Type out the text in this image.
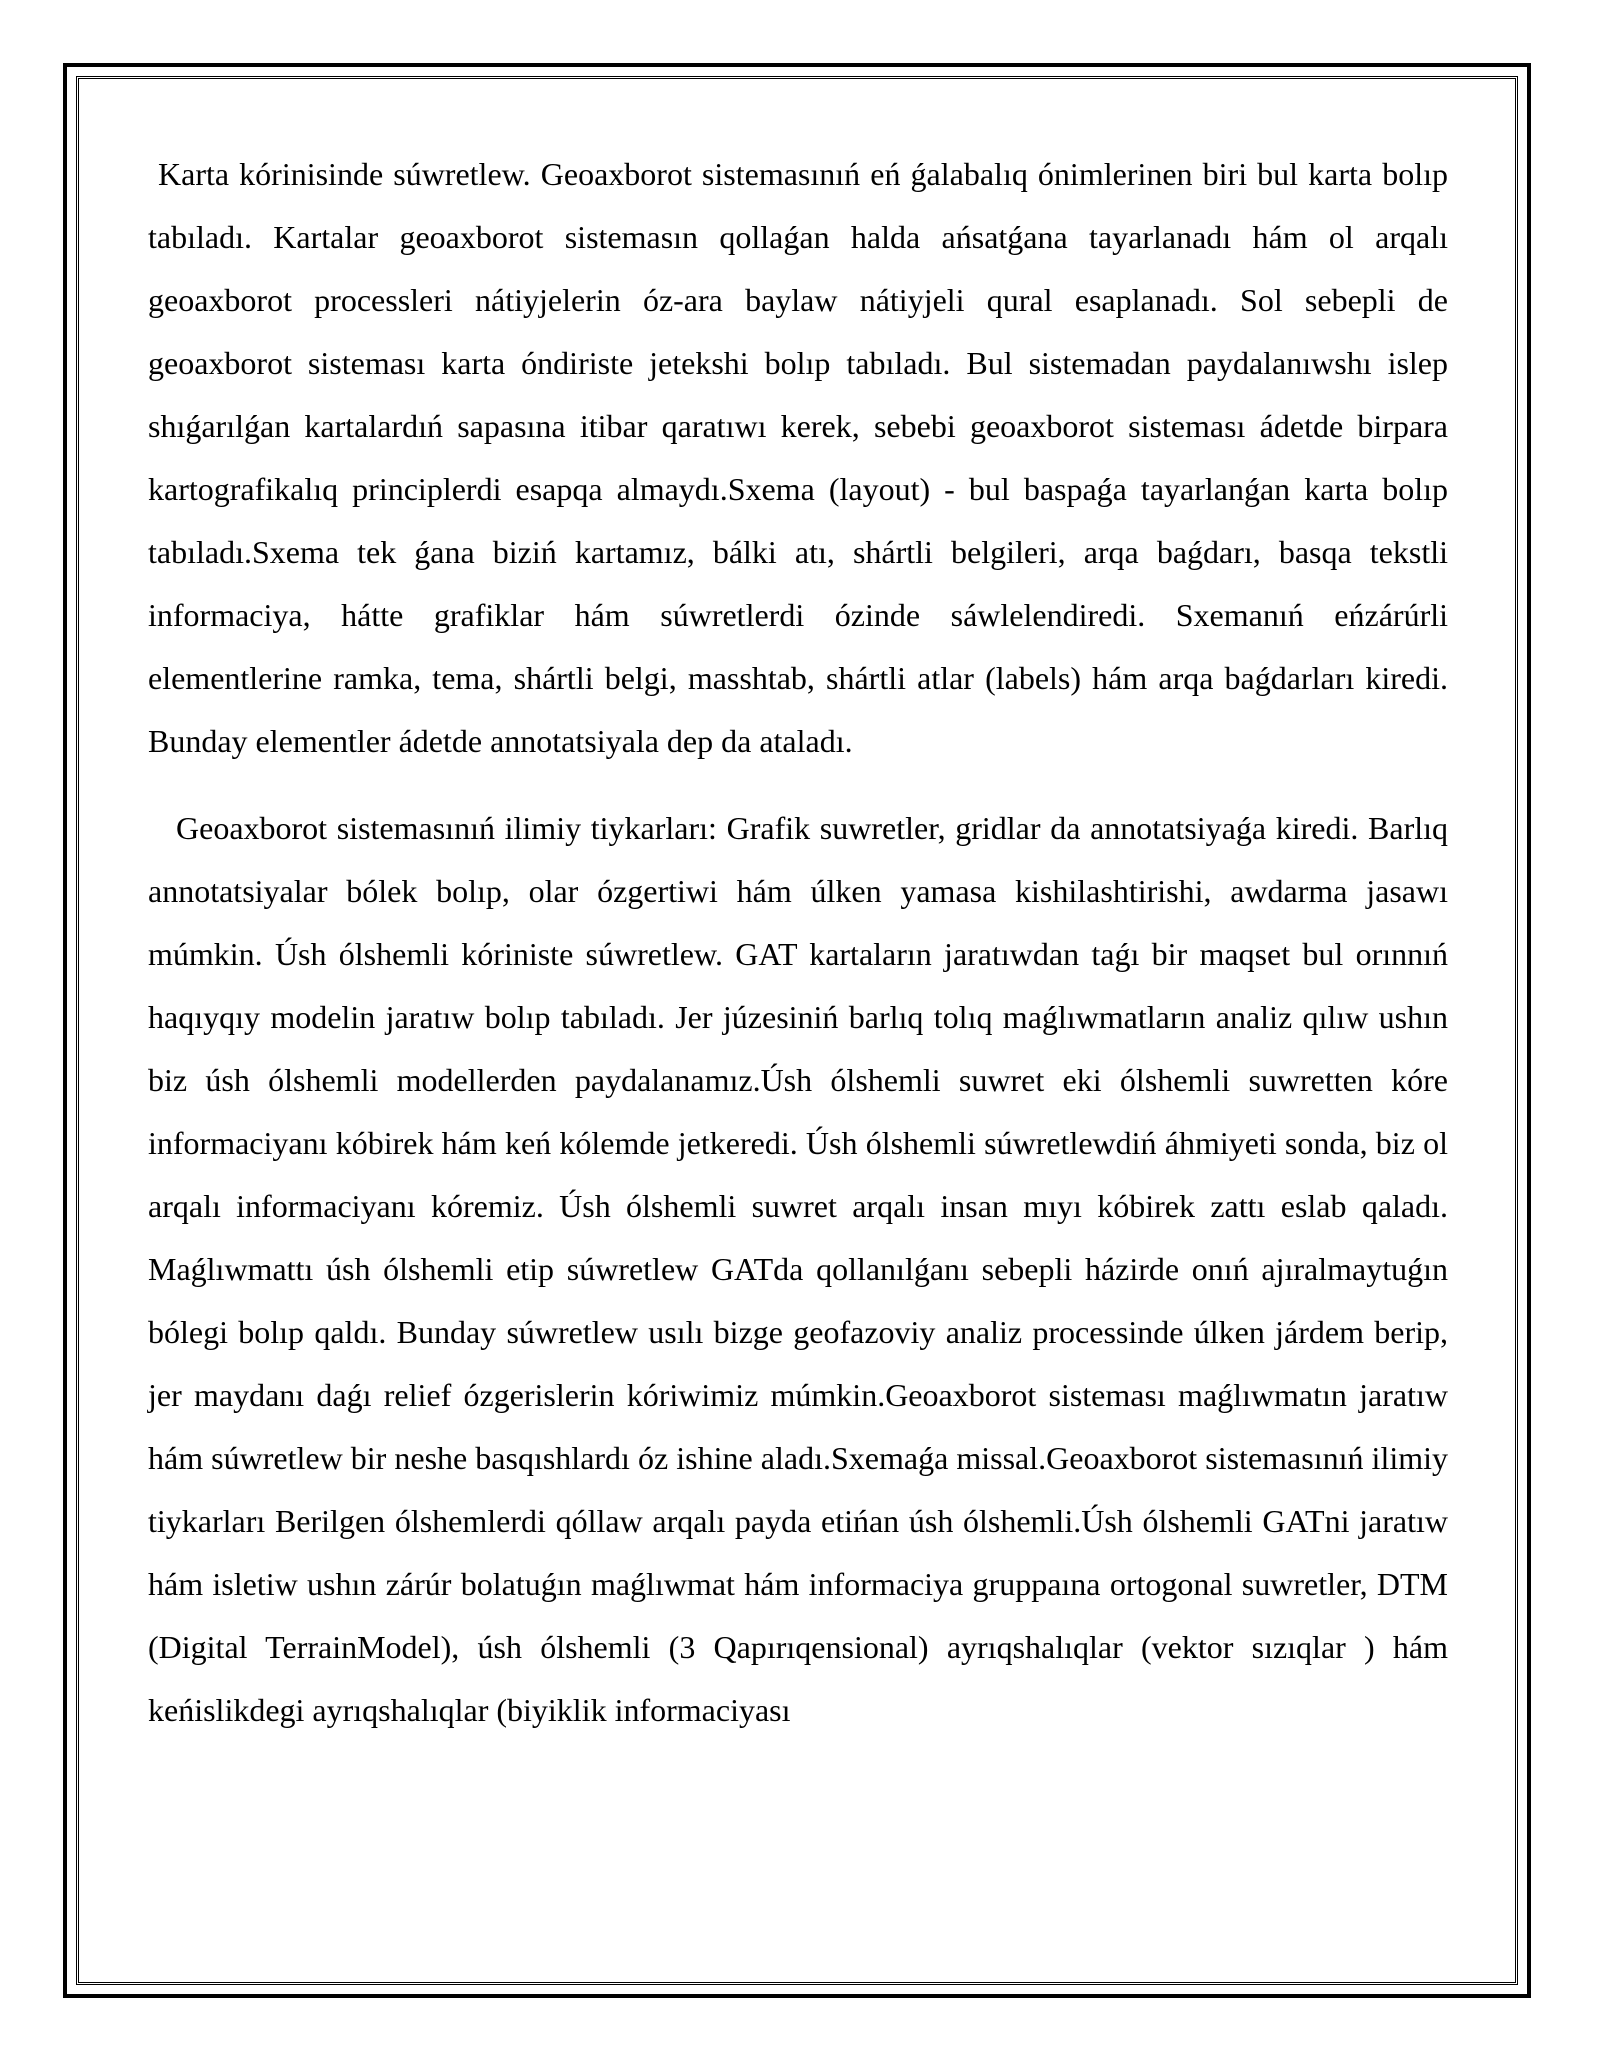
Karta kórinisinde súwretlew. Geoaxborot sistemasınıń eń ǵalabalıq ónimlerinen biri bul karta bolıp tabıladı. Kartalar geoaxborot sistemasın qollaǵan halda ańsatǵana tayarlanadı hám ol arqalı geoaxborot processleri nátiyjelerin óz-ara baylaw nátiyjeli qural esaplanadı. Sol sebepli de geoaxborot sisteması karta óndiriste jetekshi bolıp tabıladı. Bul sistemadan paydalanıwshı islep shıǵarılǵan kartalardıń sapasına itibar qaratıwı kerek, sebebi geoaxborot sisteması ádetde birpara kartografikalıq principlerdi esapqa almaydı.Sxema (layout) - bul baspaǵa tayarlanǵan karta bolıp tabıladı.Sxema tek ǵana biziń kartamız, bálki atı, shártli belgileri, arqa baǵdarı, basqa tekstli informaciya, hátte grafiklar hám súwretlerdi ózinde sáwlelendiredi. Sxemanıń eńzárúrli elementlerine ramka, tema, shártli belgi, masshtab, shártli atlar (labels) hám arqa baǵdarları kiredi. Bunday elementler ádetde annotatsiyala dep da ataladı.

Geoaxborot sistemasınıń ilimiy tiykarları: Grafik suwretler, gridlar da annotatsiyaǵa kiredi. Barlıq annotatsiyalar bólek bolıp, olar ózgertiwi hám úlken yamasa kishilashtirishi, awdarma jasawı múmkin. Úsh ólshemli kóriniste súwretlew. GAT kartaların jaratıwdan taǵı bir maqset bul orınnıń haqıyqıy modelin jaratıw bolıp tabıladı. Jer júzesiniń barlıq tolıq maǵlıwmatların analiz qılıw ushın biz úsh ólshemli modellerden paydalanamız.Úsh ólshemli suwret eki ólshemli suwretten kóre informaciyanı kóbirek hám keń kólemde jetkeredi. Úsh ólshemli súwretlewdiń áhmiyeti sonda, biz ol arqalı informaciyanı kóremiz. Úsh ólshemli suwret arqalı insan mıyı kóbirek zattı eslab qaladı. Maǵlıwmattı úsh ólshemli etip súwretlew GATda qollanılǵanı sebepli házirde onıń ajıralmaytuǵın bólegi bolıp qaldı. Bunday súwretlew usılı bizge geofazoviy analiz processinde úlken járdem berip, jer maydanı daǵı relief ózgerislerin kóriwimiz múmkin.Geoaxborot sisteması maǵlıwmatın jaratıw hám súwretlew bir neshe basqıshlardı óz ishine aladı.Sxemaǵa missal.Geoaxborot sistemasınıń ilimiy tiykarları Berilgen ólshemlerdi qóllaw arqalı payda etińan úsh ólshemli.Úsh ólshemli GATni jaratıw hám isletiw ushın zárúr bolatuǵın maǵlıwmat hám informaciya gruppaına ortogonal suwretler, DTM (Digital TerrainModel), úsh ólshemli (3 Qapırıqensional) ayrıqshalıqlar (vektor sızıqlar ) hám keńislikdegi ayrıqshalıqlar (biyiklik informaciyası
